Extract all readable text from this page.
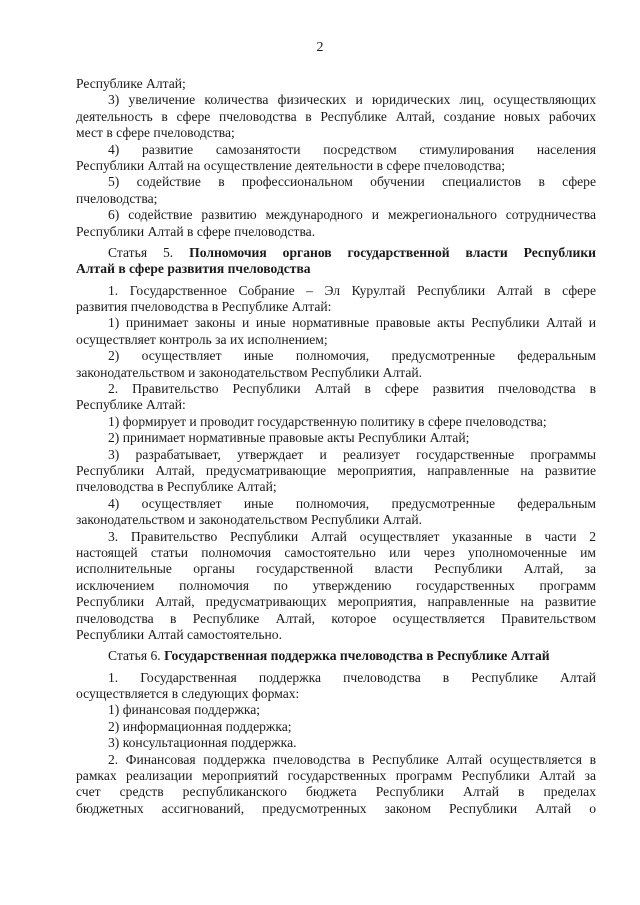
2
Республике Алтай;
3) увеличение количества физических и юридических лиц, осуществляющих
деятельность в сфере пчеловодства в Республике Алтай, создание новых рабочих
мест в сфере пчеловодства;
4) развитие самозанятости посредством стимулирования населения
Республики Алтай на осуществление деятельности в сфере пчеловодства;
5) содействие в профессиональном обучении специалистов в сфере
пчеловодства;
6) содействие развитию международного и межрегионального сотрудничества
Республики Алтай в сфере пчеловодства.
Статья 5. Полномочия органов государственной власти Республики
Алтай в сфере развития пчеловодства
1. Государственное Собрание – Эл Курултай Республики Алтай в сфере
развития пчеловодства в Республике Алтай:
1) принимает законы и иные нормативные правовые акты Республики Алтай и
осуществляет контроль за их исполнением;
2) осуществляет иные полномочия, предусмотренные федеральным
законодательством и законодательством Республики Алтай.
2. Правительство Республики Алтай в сфере развития пчеловодства в
Республике Алтай:
1) формирует и проводит государственную политику в сфере пчеловодства;
2) принимает нормативные правовые акты Республики Алтай;
3) разрабатывает, утверждает и реализует государственные программы
Республики Алтай, предусматривающие мероприятия, направленные на развитие
пчеловодства в Республике Алтай;
4) осуществляет иные полномочия, предусмотренные федеральным
законодательством и законодательством Республики Алтай.
3. Правительство Республики Алтай осуществляет указанные в части 2
настоящей статьи полномочия самостоятельно или через уполномоченные им
исполнительные органы государственной власти Республики Алтай, за
исключением полномочия по утверждению государственных программ
Республики Алтай, предусматривающих мероприятия, направленные на развитие
пчеловодства в Республике Алтай, которое осуществляется Правительством
Республики Алтай самостоятельно.
Статья 6. Государственная поддержка пчеловодства в Республике Алтай
1. Государственная поддержка пчеловодства в Республике Алтай
осуществляется в следующих формах:
1) финансовая поддержка;
2) информационная поддержка;
3) консультационная поддержка.
2. Финансовая поддержка пчеловодства в Республике Алтай осуществляется в
рамках реализации мероприятий государственных программ Республики Алтай за
счет средств республиканского бюджета Республики Алтай в пределах
бюджетных ассигнований, предусмотренных законом Республики Алтай о
